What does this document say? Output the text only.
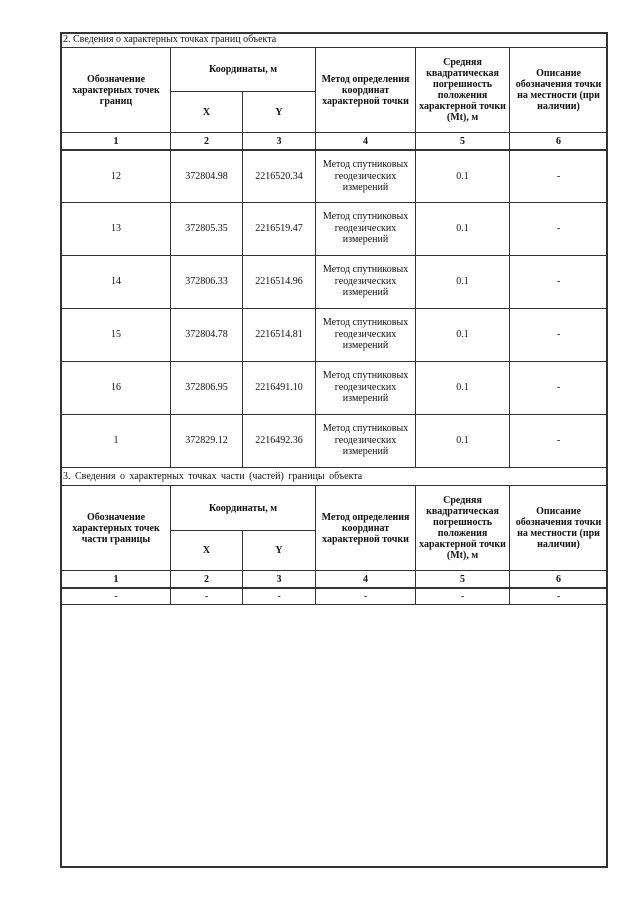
2. Сведения о характерных точках границ объекта
Обозначение характерных точек границ	Координаты, м		Метод определения координат характерной точки	Средняя квадратическая погрешность положения характерной точки (Mt), м	Описание обозначения точки на местности (при наличии)
	X	Y			
1	2	3	4	5	6
12	372804.98	2216520.34	Метод спутниковых геодезических измерений	0.1	-
13	372805.35	2216519.47	Метод спутниковых геодезических измерений	0.1	-
14	372806.33	2216514.96	Метод спутниковых геодезических измерений	0.1	-
15	372804.78	2216514.81	Метод спутниковых геодезических измерений	0.1	-
16	372806.95	2216491.10	Метод спутниковых геодезических измерений	0.1	-
1	372829.12	2216492.36	Метод спутниковых геодезических измерений	0.1	-
3. Сведения о характерных точках части (частей) границы объекта
Обозначение характерных точек части границы	Координаты, м		Метод определения координат характерной точки	Средняя квадратическая погрешность положения характерной точки (Mt), м	Описание обозначения точки на местности (при наличии)
	X	Y			
1	2	3	4	5	6
-	-	-	-	-	-
